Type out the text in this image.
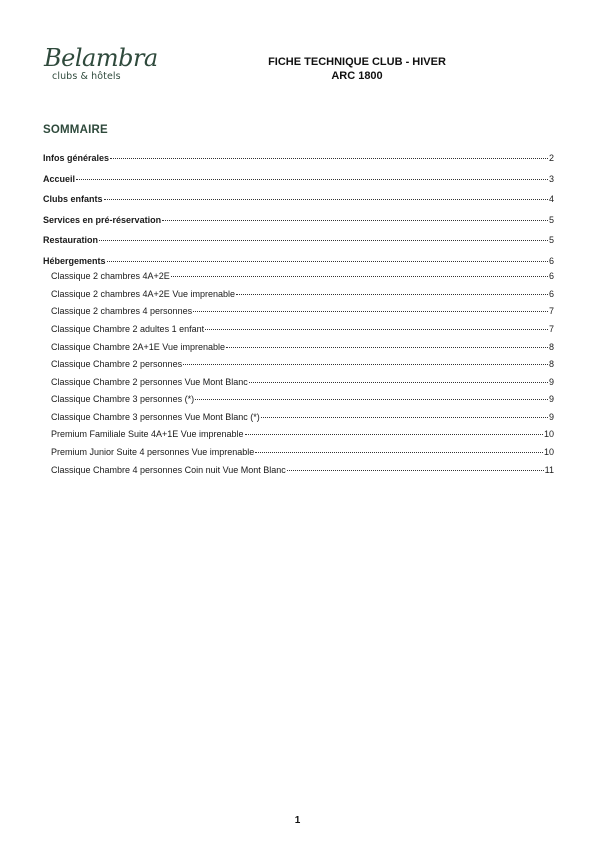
Belambra
clubs & hôtels
FICHE TECHNIQUE CLUB - HIVER
ARC 1800
SOMMAIRE
Infos générales	2
Accueil	3
Clubs enfants	4
Services en pré-réservation	5
Restauration	5
Hébergements	6
Classique 2 chambres 4A+2E	6
Classique 2 chambres 4A+2E Vue imprenable	6
Classique 2 chambres 4 personnes	7
Classique Chambre 2 adultes 1 enfant	7
Classique Chambre 2A+1E Vue imprenable	8
Classique Chambre 2 personnes	8
Classique Chambre 2 personnes Vue Mont Blanc	9
Classique Chambre 3 personnes (*)	9
Classique Chambre 3 personnes Vue Mont Blanc (*)	9
Premium Familiale Suite 4A+1E Vue imprenable	10
Premium Junior Suite 4 personnes Vue imprenable	10
Classique Chambre 4 personnes Coin nuit Vue Mont Blanc	11
1
